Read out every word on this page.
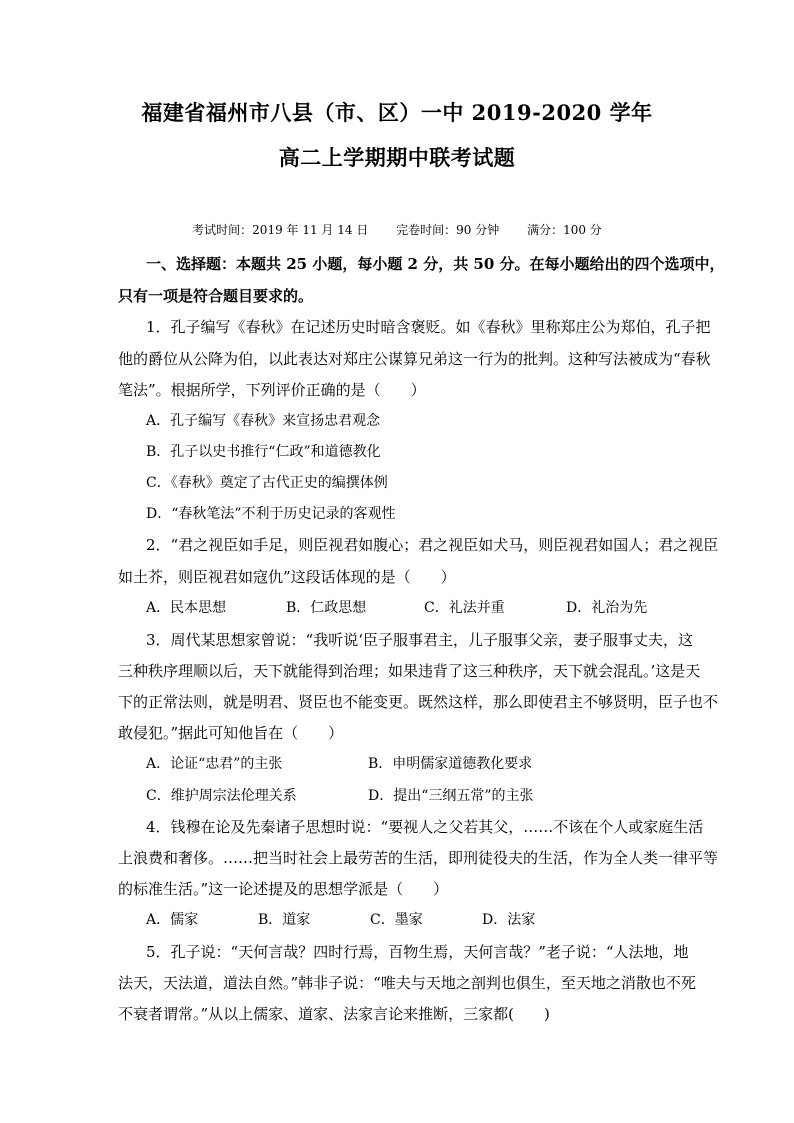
福建省福州市八县（市、区）一中 2019-2020 学年
高二上学期期中联考试题
考试时间：2019 年 11 月 14 日 完卷时间：90 分钟 满分：100 分
一、选择题：本题共 25 小题，每小题 2 分，共 50 分。在每小题给出的四个选项中，
只有一项是符合题目要求的。
1．孔子编写《春秋》在记述历史时暗含褒贬。如《春秋》里称郑庄公为郑伯，孔子把
他的爵位从公降为伯，以此表达对郑庄公谋算兄弟这一行为的批判。这种写法被成为“春秋
笔法”。根据所学，下列评价正确的是（　　）
A．孔子编写《春秋》来宣扬忠君观念
B．孔子以史书推行“仁政”和道德教化
C．《春秋》奠定了古代正史的编撰体例
D．“春秋笔法”不利于历史记录的客观性
2．“君之视臣如手足，则臣视君如腹心；君之视臣如犬马，则臣视君如国人；君之视臣
如土芥，则臣视君如寇仇”这段话体现的是（　　）
A．民本思想	B．仁政思想	C．礼法并重	D．礼治为先
3．周代某思想家曾说：“我听说‘臣子服事君主，儿子服事父亲，妻子服事丈夫，这
三种秩序理顺以后，天下就能得到治理；如果违背了这三种秩序，天下就会混乱。’这是天
下的正常法则，就是明君、贤臣也不能变更。既然这样，那么即使君主不够贤明，臣子也不
敢侵犯。”据此可知他旨在（　　）
A．论证“忠君”的主张	B．申明儒家道德教化要求
C．维护周宗法伦理关系	D．提出“三纲五常”的主张
4．钱穆在论及先秦诸子思想时说：“要视人之父若其父，……不该在个人或家庭生活
上浪费和奢侈。……把当时社会上最劳苦的生活，即刑徒役夫的生活，作为全人类一律平等
的标准生活。”这一论述提及的思想学派是（　　）
A．儒家	B．道家	C．墨家	D．法家
5．孔子说：“天何言哉？四时行焉，百物生焉，天何言哉？”老子说：“人法地，地
法天，天法道，道法自然。”韩非子说：“唯夫与天地之剖判也俱生，至天地之消散也不死
不衰者谓常。”从以上儒家、道家、法家言论来推断，三家都(　　)
